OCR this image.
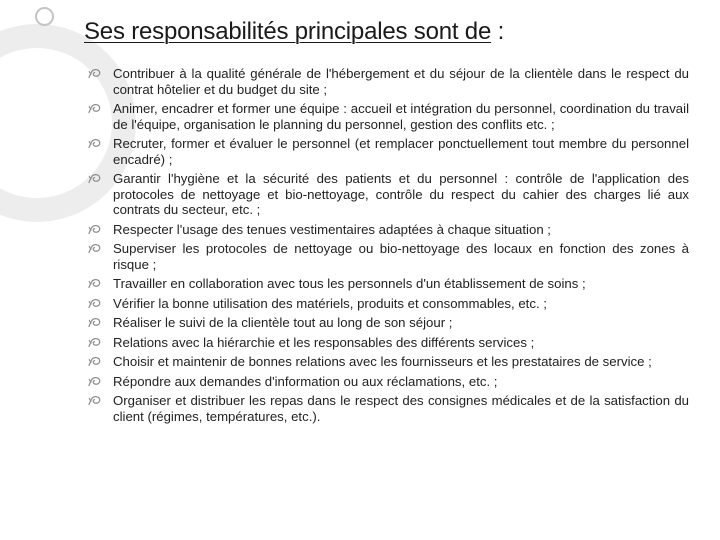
Ses responsabilités principales sont de :
Contribuer à la qualité générale de l'hébergement et du séjour de la clientèle dans le respect du contrat hôtelier et du budget du site ;
Animer, encadrer et former une équipe : accueil et intégration du personnel, coordination du travail de l'équipe, organisation le planning du personnel, gestion des conflits etc. ;
Recruter, former et évaluer le personnel (et remplacer ponctuellement tout membre du personnel encadré) ;
Garantir l'hygiène et la sécurité des patients et du personnel : contrôle de l'application des protocoles de nettoyage et bio-nettoyage, contrôle du respect du cahier des charges lié aux contrats du secteur, etc. ;
Respecter l'usage des tenues vestimentaires adaptées à chaque situation ;
Superviser les protocoles de nettoyage ou bio-nettoyage des locaux en fonction des zones à risque ;
Travailler en collaboration avec tous les personnels d'un établissement de soins ;
Vérifier la bonne utilisation des matériels, produits et consommables, etc. ;
Réaliser le suivi de la clientèle tout au long de son séjour ;
Relations avec la hiérarchie et les responsables des différents services ;
Choisir et maintenir de bonnes relations avec les fournisseurs et les prestataires de service ;
Répondre aux demandes d'information ou aux réclamations, etc. ;
Organiser et distribuer les repas dans le respect des consignes médicales et de la satisfaction du client (régimes, températures, etc.).
